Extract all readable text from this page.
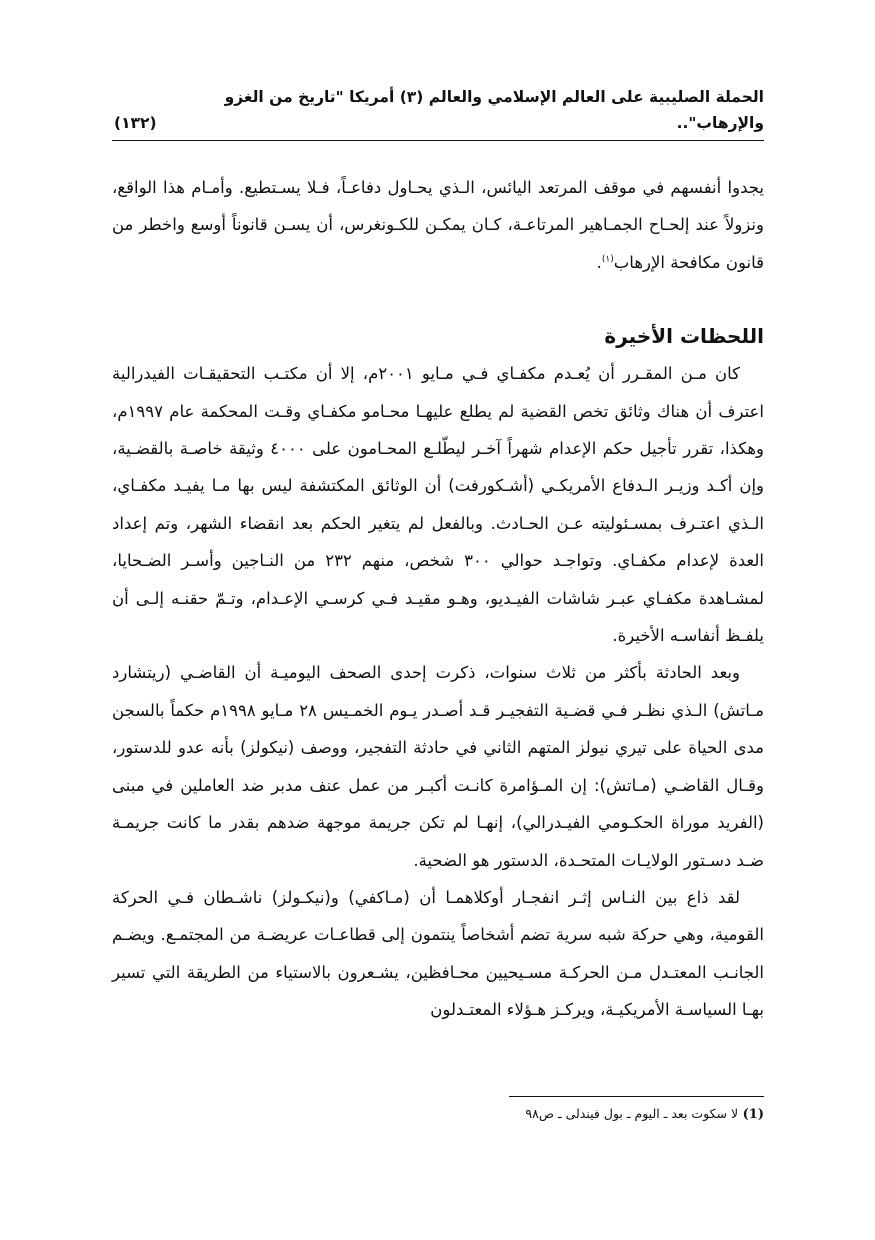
الحملة الصليبية على العالم الإسلامي والعالم (٣) أمريكا "تاريخ من الغزو والإرهاب"..
(١٣٢)

يجدوا أنفسهم في موقف المرتعد اليائس، الـذي يحـاول دفاعـاً، فـلا يسـتطيع. وأمـام هذا الواقع، ونزولاً عند إلحـاح الجمـاهير المرتاعـة، كـان يمكـن للكـونغرس، أن يسـن قانوناً أوسع واخطر من قانون مكافحة الإرهاب$^{(١)}$.

اللحظات الأخيرة

كان مـن المقـرر أن يُعـدم مكفـاي فـي مـايو ٢٠٠١م، إلا أن مكتـب التحقيقـات الفيدرالية اعترف أن هناك وثائق تخص القضية لم يطلع عليهـا محـامو مكفـاي وقـت المحكمة عام ١٩٩٧م، وهكذا، تقرر تأجيل حكم الإعدام شهراً آخـر ليطّلـع المحـامون على ٤٠٠٠ وثيقة خاصـة بالقضـية، وإن أكـد وزيـر الـدفاع الأمريكـي (أشـكورفت) أن الوثائق المكتشفة ليس بها مـا يفيـد مكفـاي، الـذي اعتـرف بمسـئوليته عـن الحـادث. وبالفعل لم يتغير الحكم بعد انقضاء الشهر، وتم إعداد العدة لإعدام مكفـاي. وتواجـد حوالي ٣٠٠ شخص، منهم ٢٣٢ من النـاجين وأسـر الضـحايا، لمشـاهدة مكفـاي عبـر شاشات الفيـديو، وهـو مقيـد فـي كرسـي الإعـدام، وتـمّ حقنـه إلـى أن يلفـظ أنفاسـه الأخيرة.

وبعد الحادثة بأكثر من ثلاث سنوات، ذكرت إحدى الصحف اليوميـة أن القاضـي (ريتشارد مـاتش) الـذي نظـر فـي قضـية التفجيـر قـد أصـدر يـوم الخمـيس ٢٨ مـايو ١٩٩٨م حكماً بالسجن مدى الحياة على تيري نيولز المتهم الثاني في حادثة التفجير، ووصف (نيكولز) بأنه عدو للدستور، وقـال القاضـي (مـاتش): إن المـؤامرة كانـت أكبـر من عمل عنف مدبر ضد العاملين في مبنى (الفريد موراة الحكـومي الفيـدرالي)، إنهـا لم تكن جريمة موجهة ضدهم بقدر ما كانت جريمـة ضـد دسـتور الولايـات المتحـدة، الدستور هو الضحية.

لقد ذاع بين النـاس إثـر انفجـار أوكلاهمـا أن (مـاكفي) و(نيكـولز) ناشـطان فـي الحركة القومية، وهي حركة شبه سرية تضم أشخاصاً ينتمون إلى قطاعـات عريضـة من المجتمـع. ويضـم الجانـب المعتـدل مـن الحركـة مسـيحيين محـافظين، يشـعرون بالاستياء من الطريقة التي تسير بهـا السياسـة الأمريكيـة، ويركـز هـؤلاء المعتـدلون

(1) لا سكوت بعد ـ اليوم ـ بول فيندلى ـ ص٩٨
